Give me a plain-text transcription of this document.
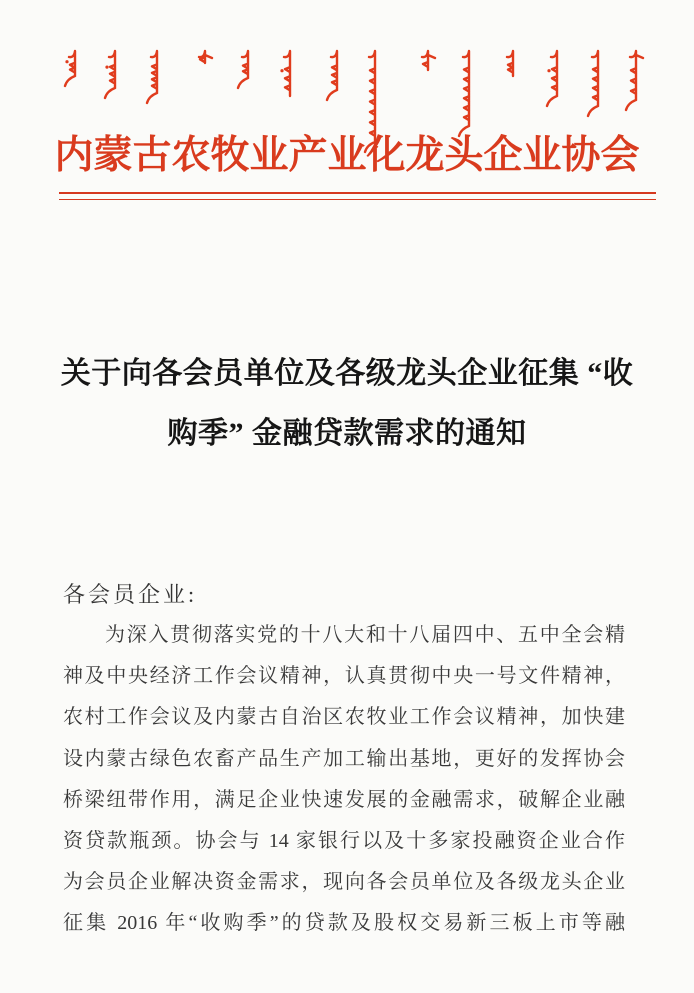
内蒙古农牧业产业化龙头企业协会
关于向各会员单位及各级龙头企业征集 “收
购季” 金融贷款需求的通知
各会员企业:
为深入贯彻落实党的十八大和十八届四中、五中全会精
神及中央经济工作会议精神，认真贯彻中央一号文件精神，
农村工作会议及内蒙古自治区农牧业工作会议精神，加快建
设内蒙古绿色农畜产品生产加工输出基地，更好的发挥协会
桥梁纽带作用，满足企业快速发展的金融需求，破解企业融
资贷款瓶颈。协会与 14 家银行以及十多家投融资企业合作
为会员企业解决资金需求，现向各会员单位及各级龙头企业
征集 2016 年“收购季”的贷款及股权交易新三板上市等融
